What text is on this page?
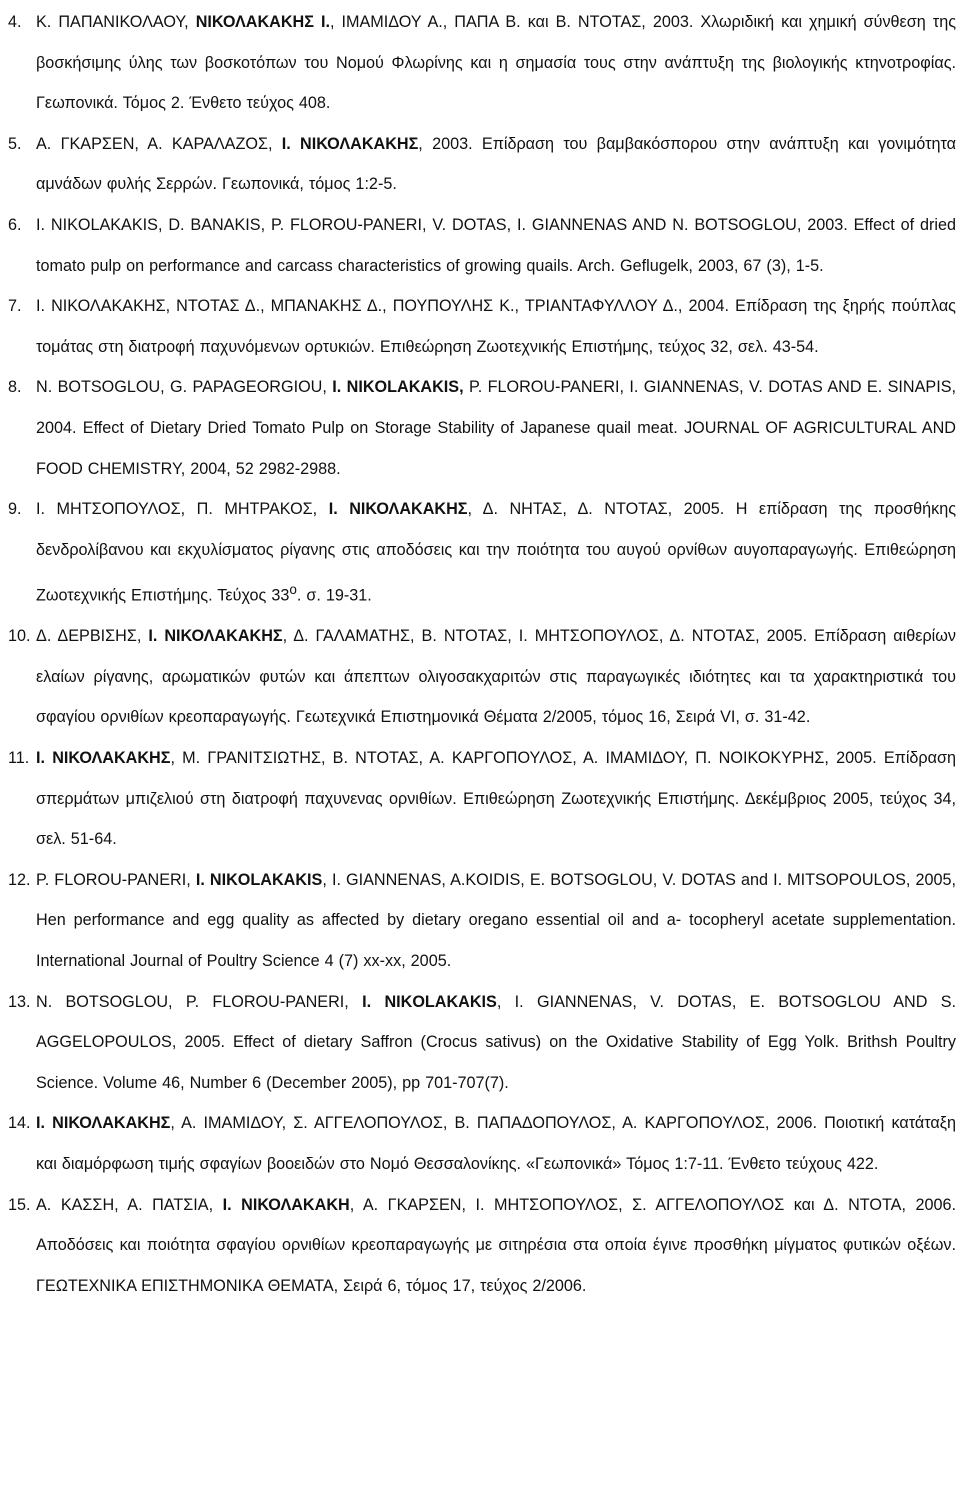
4. Κ. ΠΑΠΑΝΙΚΟΛΑΟΥ, ΝΙΚΟΛΑΚΑΚΗΣ Ι., ΙΜΑΜΙΔΟΥ Α., ΠΑΠΑ Β. και Β. ΝΤΟΤΑΣ, 2003. Χλωριδική και χημική σύνθεση της βοσκήσιμης ύλης των βοσκοτόπων του Νομού Φλωρίνης και η σημασία τους στην ανάπτυξη της βιολογικής κτηνοτροφίας. Γεωπονικά. Τόμος 2. Ένθετο τεύχος 408.
5. Α. ΓΚΑΡΣΕΝ, Α. ΚΑΡΑΛΑΖΟΣ, Ι. ΝΙΚΟΛΑΚΑΚΗΣ, 2003. Επίδραση του βαμβακόσπορου στην ανάπτυξη και γονιμότητα αμνάδων φυλής Σερρών. Γεωπονικά, τόμος 1:2-5.
6. Ι. NIKOLAKAKIS, D. BANAKIS, P. FLOROU-PANERI, V. DOTAS, I. GIANNENAS AND N. BOTSOGLOU, 2003. Effect of dried tomato pulp on performance and carcass characteristics of growing quails. Arch. Geflugelk, 2003, 67 (3), 1-5.
7. Ι. ΝΙΚΟΛΑΚΑΚΗΣ, ΝΤΟΤΑΣ Δ., ΜΠΑΝΑΚΗΣ Δ., ΠΟΥΠΟΥΛΗΣ Κ., ΤΡΙΑΝΤΑΦΥΛΛΟΥ Δ., 2004. Επίδραση της ξηρής πούπλας τομάτας στη διατροφή παχυνόμενων ορτυκιών. Επιθεώρηση Ζωοτεχνικής Επιστήμης, τεύχος 32, σελ. 43-54.
8. N. BOTSOGLOU, G. PAPAGEORGIOU, I. NIKOLAKAKIS, P. FLOROU-PANERI, I. GIANNENAS, V. DOTAS AND E. SINAPIS, 2004. Effect of Dietary Dried Tomato Pulp on Storage Stability of Japanese quail meat. JOURNAL OF AGRICULTURAL AND FOOD CHEMISTRY, 2004, 52 2982-2988.
9. Ι. ΜΗΤΣΟΠΟΥΛΟΣ, Π. ΜΗΤΡΑΚΟΣ, Ι. ΝΙΚΟΛΑΚΑΚΗΣ, Δ. ΝΗΤΑΣ, Δ. ΝΤΟΤΑΣ, 2005. Η επίδραση της προσθήκης δενδρολίβανου και εκχυλίσματος ρίγανης στις αποδόσεις και την ποιότητα του αυγού ορνίθων αυγοπαραγωγής. Επιθεώρηση Ζωοτεχνικής Επιστήμης. Τεύχος $33^o$. σ. 19-31.
10. Δ. ΔΕΡΒΙΣΗΣ, Ι. ΝΙΚΟΛΑΚΑΚΗΣ, Δ. ΓΑΛΑΜΑΤΗΣ, Β. ΝΤΟΤΑΣ, Ι. ΜΗΤΣΟΠΟΥΛΟΣ, Δ. ΝΤΟΤΑΣ, 2005. Επίδραση αιθερίων ελαίων ρίγανης, αρωματικών φυτών και άπεπτων ολιγοσακχαριτών στις παραγωγικές ιδιότητες και τα χαρακτηριστικά του σφαγίου ορνιθίων κρεοπαραγωγής. Γεωτεχνικά Επιστημονικά Θέματα 2/2005, τόμος 16, Σειρά VI, σ. 31-42.
11. Ι. ΝΙΚΟΛΑΚΑΚΗΣ, Μ. ΓΡΑΝΙΤΣΙΩΤΗΣ, Β. ΝΤΟΤΑΣ, Α. ΚΑΡΓΟΠΟΥΛΟΣ, Α. ΙΜΑΜΙΔΟΥ, Π. ΝΟΙΚΟΚΥΡΗΣ, 2005. Επίδραση σπερμάτων μπιζελιού στη διατροφή παχυνενας ορνιθίων. Επιθεώρηση Ζωοτεχνικής Επιστήμης. Δεκέμβριος 2005, τεύχος 34, σελ. 51-64.
12. P. FLOROU-PANERI, I. NIKOLAKAKIS, I. GIANNENAS, A.KOIDIS, E. BOTSOGLOU, V. DOTAS and I. MITSOPOULOS, 2005, Hen performance and egg quality as affected by dietary oregano essential oil and a- tocopheryl acetate supplementation. International Journal of Poultry Science 4 (7) xx-xx, 2005.
13. N. BOTSOGLOU, P. FLOROU-PANERI, I. NIKOLAKAKIS, I. GIANNENAS, V. DOTAS, E. BOTSOGLOU AND S. AGGELOPOULOS, 2005. Effect of dietary Saffron (Crocus sativus) on the Oxidative Stability of Egg Yolk. Brithsh Poultry Science. Volume 46, Number 6 (December 2005), pp 701-707(7).
14. Ι. ΝΙΚΟΛΑΚΑΚΗΣ, Α. ΙΜΑΜΙΔΟΥ, Σ. ΑΓΓΕΛΟΠΟΥΛΟΣ, Β. ΠΑΠΑΔΟΠΟΥΛΟΣ, Α. ΚΑΡΓΟΠΟΥΛΟΣ, 2006. Ποιοτική κατάταξη και διαμόρφωση τιμής σφαγίων βοοειδών στο Νομό Θεσσαλονίκης. «Γεωπονικά» Τόμος 1:7-11. Ένθετο τεύχους 422.
15. Α. ΚΑΣΣΗ, Α. ΠΑΤΣΙΑ, Ι. ΝΙΚΟΛΑΚΑΚΗ, Α. ΓΚΑΡΣΕΝ, Ι. ΜΗΤΣΟΠΟΥΛΟΣ, Σ. ΑΓΓΕΛΟΠΟΥΛΟΣ και Δ. ΝΤΟΤΑ, 2006. Αποδόσεις και ποιότητα σφαγίου ορνιθίων κρεοπαραγωγής με σιτηρέσια στα οποία έγινε προσθήκη μίγματος φυτικών οξέων. ΓΕΩΤΕΧΝΙΚΑ ΕΠΙΣΤΗΜΟΝΙΚΑ ΘΕΜΑΤΑ, Σειρά 6, τόμος 17, τεύχος 2/2006.
